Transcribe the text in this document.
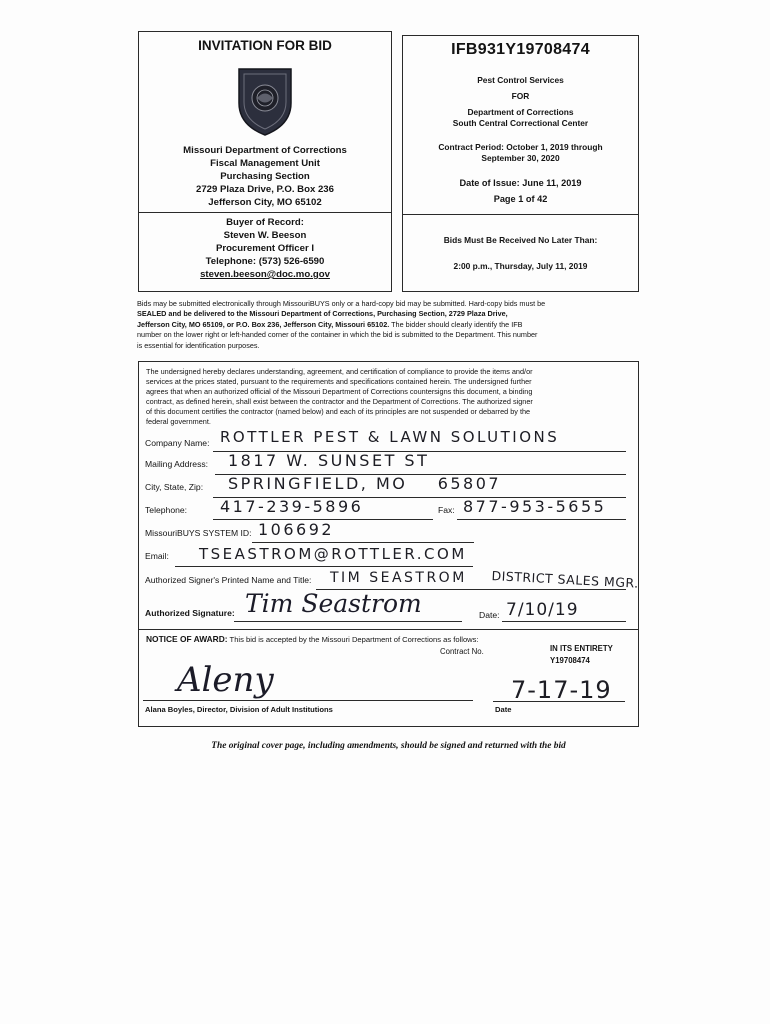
INVITATION FOR BID
Missouri Department of Corrections
Fiscal Management Unit
Purchasing Section
2729 Plaza Drive, P.O. Box 236
Jefferson City, MO 65102
Buyer of Record:
Steven W. Beeson
Procurement Officer I
Telephone: (573) 526-6590
steven.beeson@doc.mo.gov
IFB931Y19708474
Pest Control Services
FOR
Department of Corrections
South Central Correctional Center
Contract Period: October 1, 2019 through
September 30, 2020
Date of Issue: June 11, 2019
Page 1 of 42
Bids Must Be Received No Later Than:
2:00 p.m., Thursday, July 11, 2019
Bids may be submitted electronically through MissouriBUYS only or a hard-copy bid may be submitted. Hard-copy bids must be
SEALED and be delivered to the Missouri Department of Corrections, Purchasing Section, 2729 Plaza Drive,
Jefferson City, MO 65109, or P.O. Box 236, Jefferson City, Missouri 65102. The bidder should clearly identify the IFB
number on the lower right or left-handed corner of the container in which the bid is submitted to the Department. This number
is essential for identification purposes.
The undersigned hereby declares understanding, agreement, and certification of compliance to provide the items and/or
services at the prices stated, pursuant to the requirements and specifications contained herein. The undersigned further
agrees that when an authorized official of the Missouri Department of Corrections countersigns this document, a binding
contract, as defined herein, shall exist between the contractor and the Department of Corrections. The authorized signer
of this document certifies the contractor (named below) and each of its principles are not suspended or debarred by the
federal government.
Company Name: ROTTLER PEST & LAWN SOLUTIONS
Mailing Address: 1817 W. SUNSET ST
City, State, Zip: SPRINGFIELD, MO    65807
Telephone: 417-239-5896	Fax: 877-953-5655
MissouriBUYS SYSTEM ID: 106692
Email: TSEASTROM@ROTTLER.COM
Authorized Signer's Printed Name and Title: TIM SEASTROM DISTRICT SALES MGR.
Authorized Signature: Tim Seastrom	Date: 7/10/19
NOTICE OF AWARD: This bid is accepted by the Missouri Department of Corrections as follows:
Contract No.	IN ITS ENTIRETY
Y19708474
Aleny
Alana Boyles, Director, Division of Adult Institutions	Date
7-17-19
The original cover page, including amendments, should be signed and returned with the bid
